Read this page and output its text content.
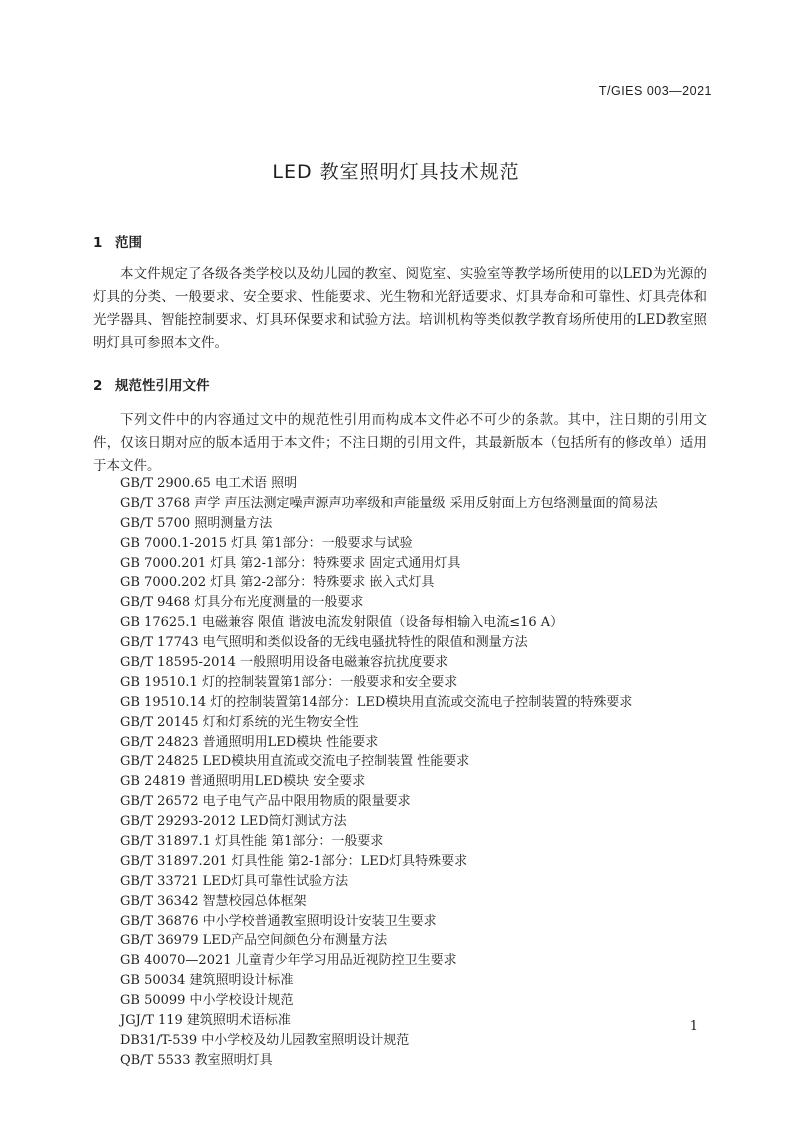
T/GIES 003—2021
LED 教室照明灯具技术规范
1 范围
本文件规定了各级各类学校以及幼儿园的教室、阅览室、实验室等教学场所使用的以LED为光源的灯具的分类、一般要求、安全要求、性能要求、光生物和光舒适要求、灯具寿命和可靠性、灯具壳体和光学器具、智能控制要求、灯具环保要求和试验方法。培训机构等类似教学教育场所使用的LED教室照明灯具可参照本文件。
2 规范性引用文件
下列文件中的内容通过文中的规范性引用而构成本文件必不可少的条款。其中，注日期的引用文件，仅该日期对应的版本适用于本文件；不注日期的引用文件，其最新版本（包括所有的修改单）适用于本文件。
GB/T 2900.65 电工术语 照明
GB/T 3768 声学 声压法测定噪声源声功率级和声能量级 采用反射面上方包络测量面的简易法
GB/T 5700 照明测量方法
GB 7000.1-2015 灯具 第1部分：一般要求与试验
GB 7000.201 灯具 第2-1部分：特殊要求 固定式通用灯具
GB 7000.202 灯具 第2-2部分：特殊要求 嵌入式灯具
GB/T 9468 灯具分布光度测量的一般要求
GB 17625.1 电磁兼容 限值 谐波电流发射限值（设备每相输入电流≤16 A）
GB/T 17743 电气照明和类似设备的无线电骚扰特性的限值和测量方法
GB/T 18595-2014 一般照明用设备电磁兼容抗扰度要求
GB 19510.1 灯的控制装置第1部分：一般要求和安全要求
GB 19510.14 灯的控制装置第14部分：LED模块用直流或交流电子控制装置的特殊要求
GB/T 20145 灯和灯系统的光生物安全性
GB/T 24823 普通照明用LED模块 性能要求
GB/T 24825 LED模块用直流或交流电子控制装置 性能要求
GB 24819 普通照明用LED模块 安全要求
GB/T 26572 电子电气产品中限用物质的限量要求
GB/T 29293-2012 LED筒灯测试方法
GB/T 31897.1 灯具性能 第1部分：一般要求
GB/T 31897.201 灯具性能 第2-1部分：LED灯具特殊要求
GB/T 33721 LED灯具可靠性试验方法
GB/T 36342 智慧校园总体框架
GB/T 36876 中小学校普通教室照明设计安装卫生要求
GB/T 36979 LED产品空间颜色分布测量方法
GB 40070—2021 儿童青少年学习用品近视防控卫生要求
GB 50034 建筑照明设计标准
GB 50099 中小学校设计规范
JGJ/T 119 建筑照明术语标准
DB31/T-539 中小学校及幼儿园教室照明设计规范
QB/T 5533 教室照明灯具
1
